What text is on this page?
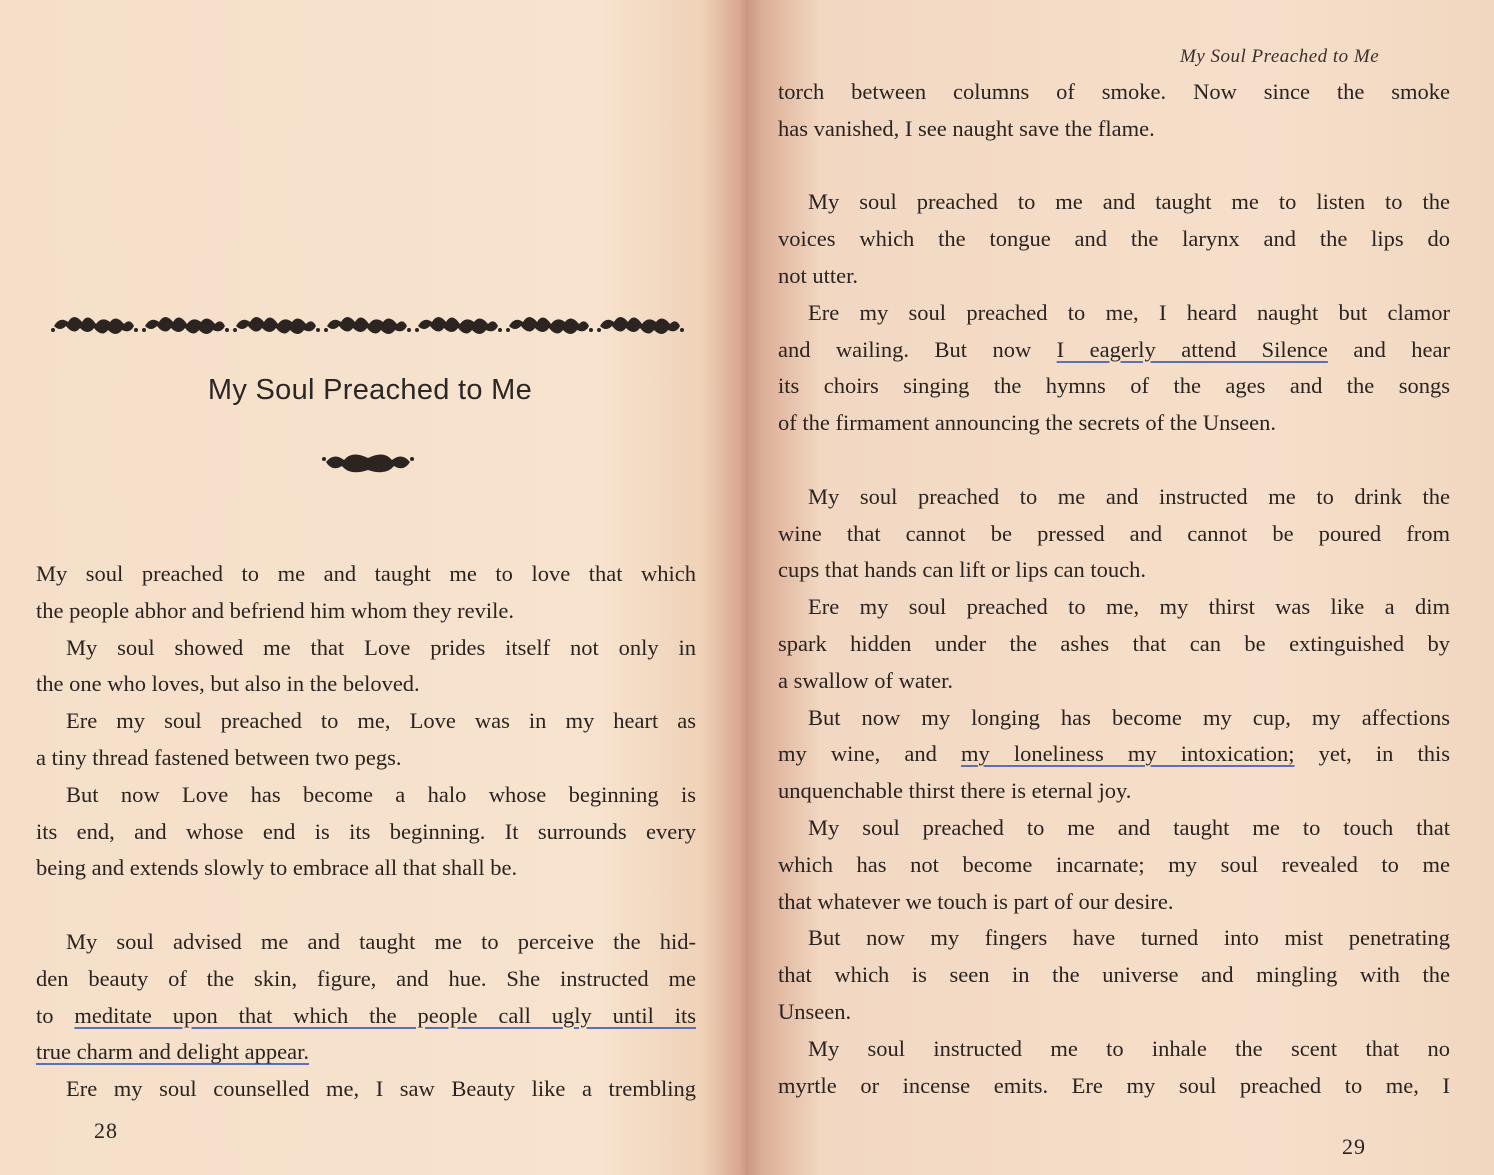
My Soul Preached to Me

My soul preached to me and taught me to love that which

the people abhor and befriend him whom they revile.

My soul showed me that Love prides itself not only in

the one who loves, but also in the beloved.

Ere my soul preached to me, Love was in my heart as

a tiny thread fastened between two pegs.

But now Love has become a halo whose beginning is

its end, and whose end is its beginning. It surrounds every

being and extends slowly to embrace all that shall be.

My soul advised me and taught me to perceive the hid-

den beauty of the skin, figure, and hue. She instructed me

to meditate upon that which the people call ugly until its

true charm and delight appear.

Ere my soul counselled me, I saw Beauty like a trembling

28
My Soul Preached to Me

torch between columns of smoke. Now since the smoke

has vanished, I see naught save the flame.

My soul preached to me and taught me to listen to the

voices which the tongue and the larynx and the lips do

not utter.

Ere my soul preached to me, I heard naught but clamor

and wailing. But now I eagerly attend Silence and hear

its choirs singing the hymns of the ages and the songs

of the firmament announcing the secrets of the Unseen.

My soul preached to me and instructed me to drink the

wine that cannot be pressed and cannot be poured from

cups that hands can lift or lips can touch.

Ere my soul preached to me, my thirst was like a dim

spark hidden under the ashes that can be extinguished by

a swallow of water.

But now my longing has become my cup, my affections

my wine, and my loneliness my intoxication; yet, in this

unquenchable thirst there is eternal joy.

My soul preached to me and taught me to touch that

which has not become incarnate; my soul revealed to me

that whatever we touch is part of our desire.

But now my fingers have turned into mist penetrating

that which is seen in the universe and mingling with the

Unseen.

My soul instructed me to inhale the scent that no

myrtle or incense emits. Ere my soul preached to me, I

29
